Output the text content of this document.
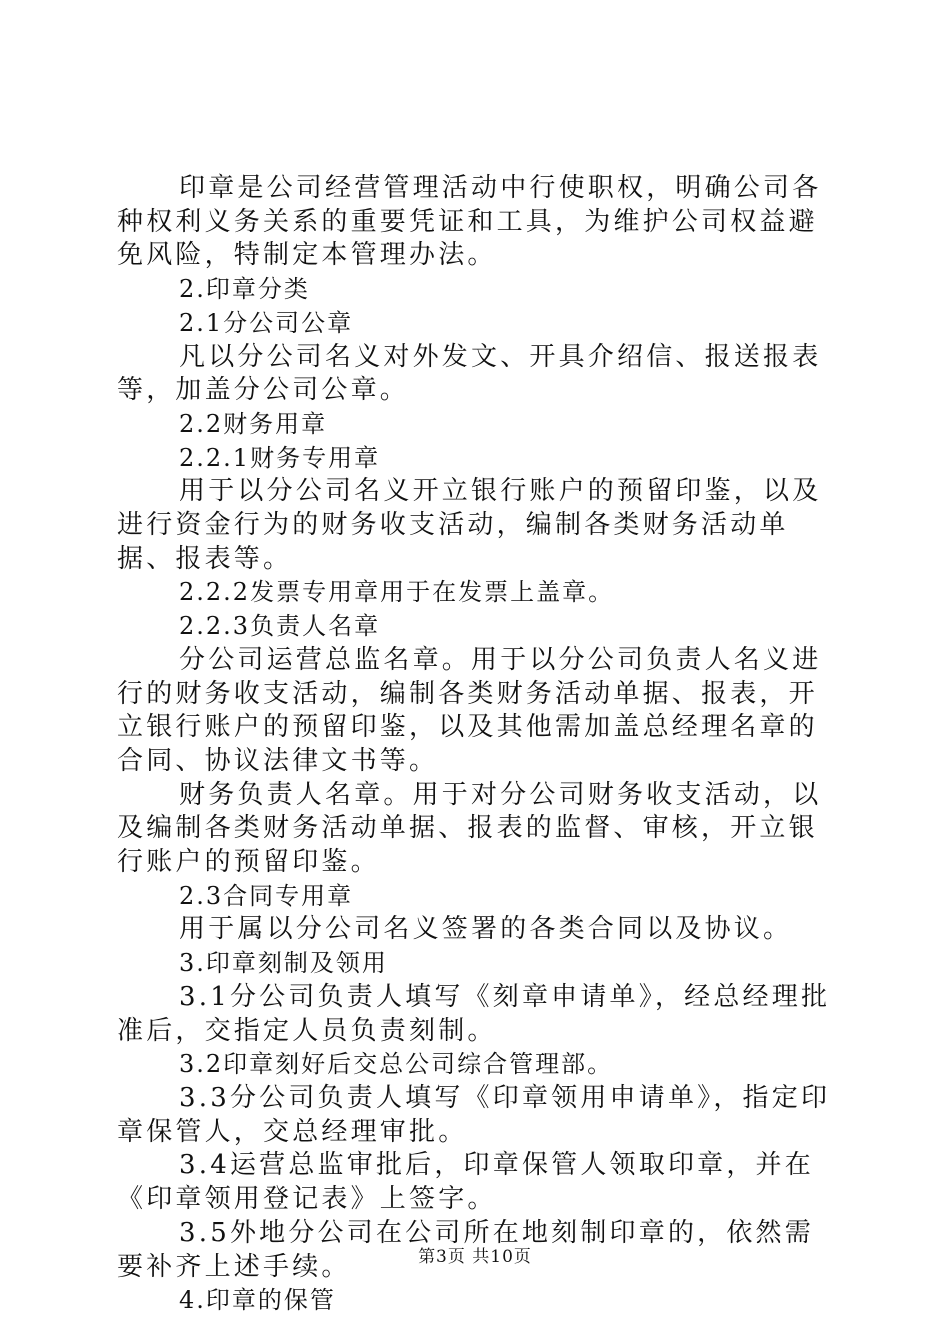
印章是公司经营管理活动中行使职权，明确公司各种权利义务关系的重要凭证和工具，为维护公司权益避免风险，特制定本管理办法。

2.印章分类

2.1分公司公章

凡以分公司名义对外发文、开具介绍信、报送报表等，加盖分公司公章。

2.2财务用章

2.2.1财务专用章

用于以分公司名义开立银行账户的预留印鉴，以及进行资金行为的财务收支活动，编制各类财务活动单据、报表等。

2.2.2发票专用章用于在发票上盖章。

2.2.3负责人名章

分公司运营总监名章。用于以分公司负责人名义进行的财务收支活动，编制各类财务活动单据、报表，开立银行账户的预留印鉴，以及其他需加盖总经理名章的合同、协议法律文书等。

财务负责人名章。用于对分公司财务收支活动，以及编制各类财务活动单据、报表的监督、审核，开立银行账户的预留印鉴。

2.3合同专用章

用于属以分公司名义签署的各类合同以及协议。

3.印章刻制及领用

3.1分公司负责人填写《刻章申请单》，经总经理批准后，交指定人员负责刻制。

3.2印章刻好后交总公司综合管理部。

3.3分公司负责人填写《印章领用申请单》，指定印章保管人，交总经理审批。

3.4运营总监审批后，印章保管人领取印章，并在《印章领用登记表》上签字。

3.5外地分公司在公司所在地刻制印章的，依然需要补齐上述手续。

4.印章的保管

第3页 共10页
